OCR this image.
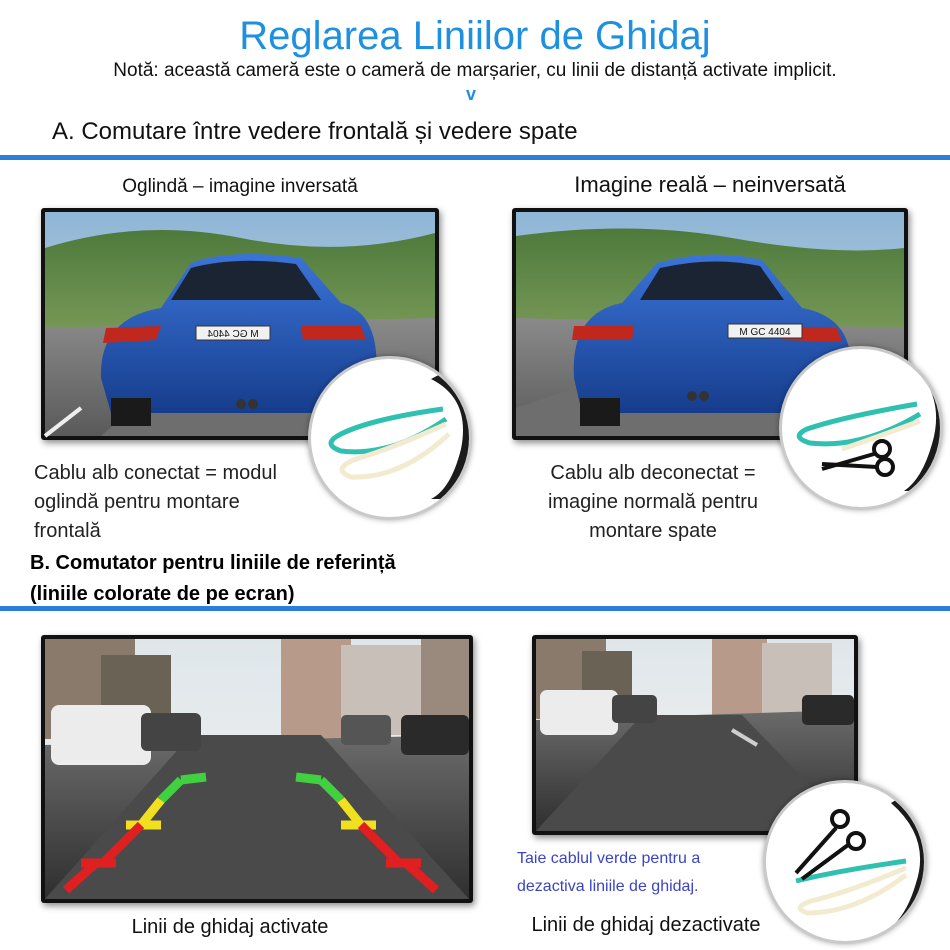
Reglarea Liniilor de Ghidaj
Notă: această cameră este o cameră de marșarier, cu linii de distanță activate implicit.
v
A. Comutare între vedere frontală și vedere spate
Oglindă – imagine inversată
M GC 4404
Cablu alb conectat = modul
oglindă pentru montare
frontală
Imagine reală – neinversată
M GC 4404
Cablu alb deconectat =
imagine normală pentru
montare spate
B. Comutator pentru liniile de referință
(liniile colorate de pe ecran)
Linii de ghidaj activate
Taie cablul verde pentru a
dezactiva liniile de ghidaj.
Linii de ghidaj dezactivate
